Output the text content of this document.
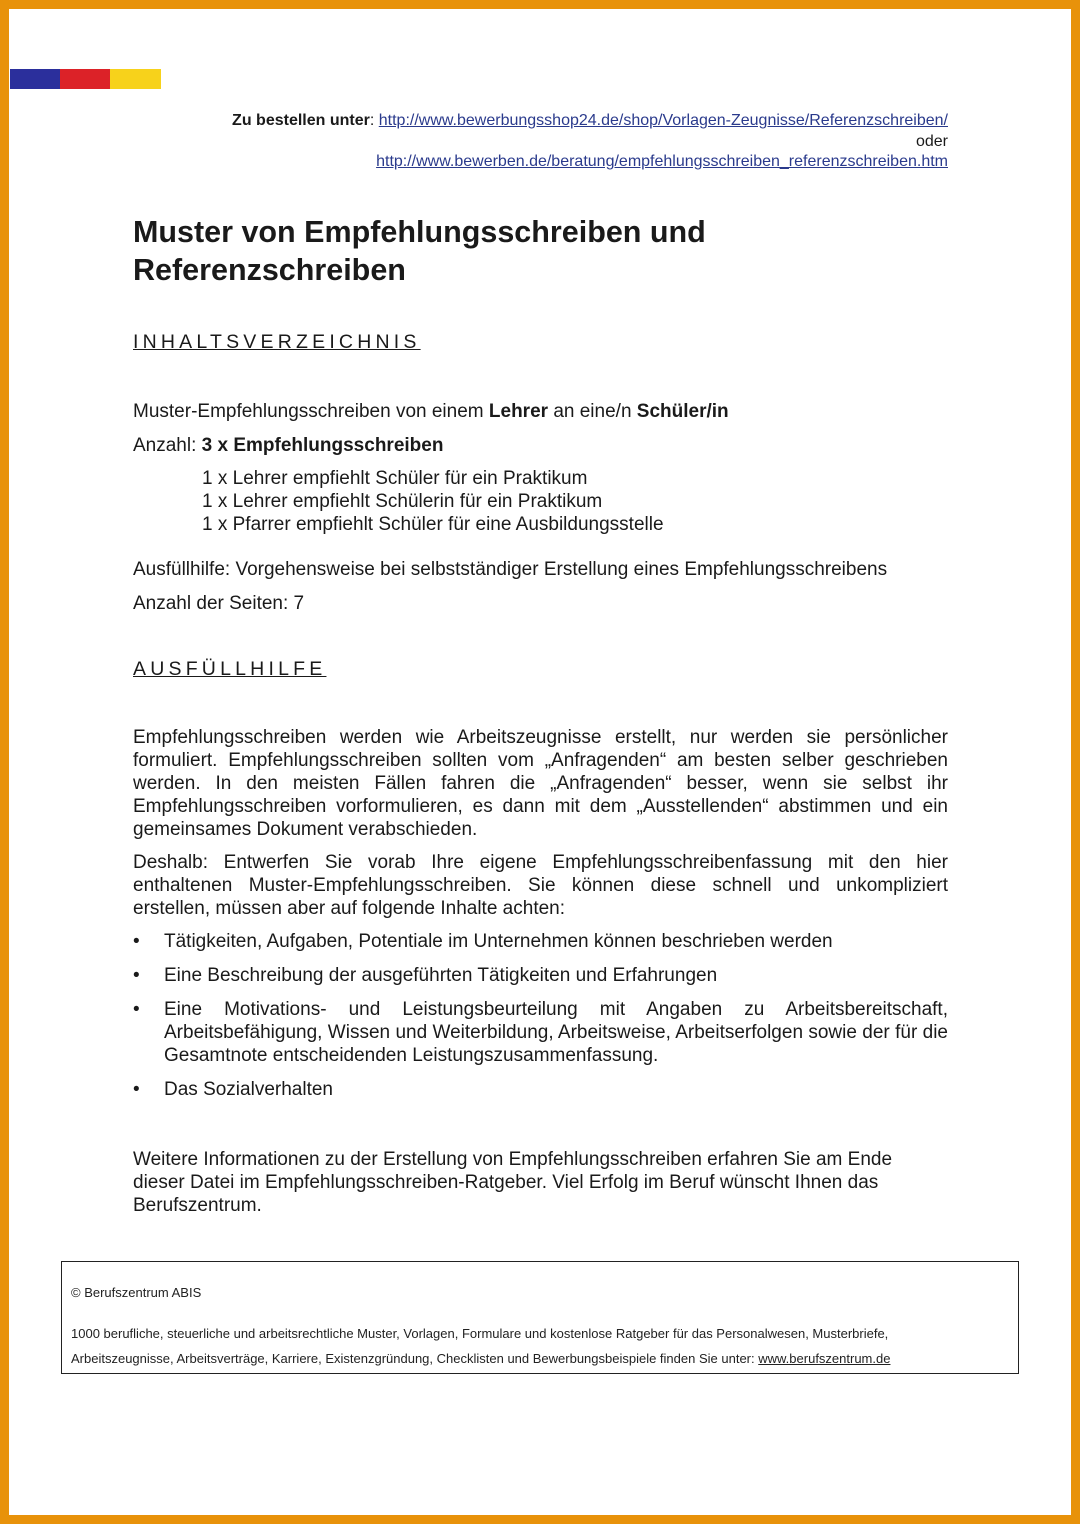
Zu bestellen unter: http://www.bewerbungsshop24.de/shop/Vorlagen-Zeugnisse/Referenzschreiben/
oder
http://www.bewerben.de/beratung/empfehlungsschreiben_referenzschreiben.htm
Muster von Empfehlungsschreiben und
Referenzschreiben
INHALTSVERZEICHNIS
Muster-Empfehlungsschreiben von einem Lehrer an eine/n Schüler/in
Anzahl: 3 x Empfehlungsschreiben
1 x Lehrer empfiehlt Schüler für ein Praktikum
1 x Lehrer empfiehlt Schülerin für ein Praktikum
1 x Pfarrer empfiehlt Schüler für eine Ausbildungsstelle
Ausfüllhilfe: Vorgehensweise bei selbstständiger Erstellung eines Empfehlungsschreibens
Anzahl der Seiten: 7
AUSFÜLLHILFE

Empfehlungsschreiben werden wie Arbeitszeugnisse erstellt, nur werden sie persönlicher formuliert. Empfehlungsschreiben sollten vom „Anfragenden“ am besten selber geschrieben werden. In den meisten Fällen fahren die „Anfragenden“ besser, wenn sie selbst ihr Empfehlungsschreiben vorformulieren, es dann mit dem „Ausstellenden“ abstimmen und ein gemeinsames Dokument verabschieden.

Deshalb: Entwerfen Sie vorab Ihre eigene Empfehlungsschreibenfassung mit den hier enthaltenen Muster-Empfehlungsschreiben. Sie können diese schnell und unkompliziert erstellen, müssen aber auf folgende Inhalte achten:

• Tätigkeiten, Aufgaben, Potentiale im Unternehmen können beschrieben werden
• Eine Beschreibung der ausgeführten Tätigkeiten und Erfahrungen
• Eine Motivations- und Leistungsbeurteilung mit Angaben zu Arbeitsbereitschaft, Arbeitsbefähigung, Wissen und Weiterbildung, Arbeitsweise, Arbeitserfolgen sowie der für die Gesamtnote entscheidenden Leistungszusammenfassung.
• Das Sozialverhalten

Weitere Informationen zu der Erstellung von Empfehlungsschreiben erfahren Sie am Ende dieser Datei im Empfehlungsschreiben-Ratgeber. Viel Erfolg im Beruf wünscht Ihnen das Berufszentrum.

© Berufszentrum ABIS
1000 berufliche, steuerliche und arbeitsrechtliche Muster, Vorlagen, Formulare und kostenlose Ratgeber für das Personalwesen, Musterbriefe,
Arbeitszeugnisse, Arbeitsverträge, Karriere, Existenzgründung, Checklisten und Bewerbungsbeispiele finden Sie unter: www.berufszentrum.de
